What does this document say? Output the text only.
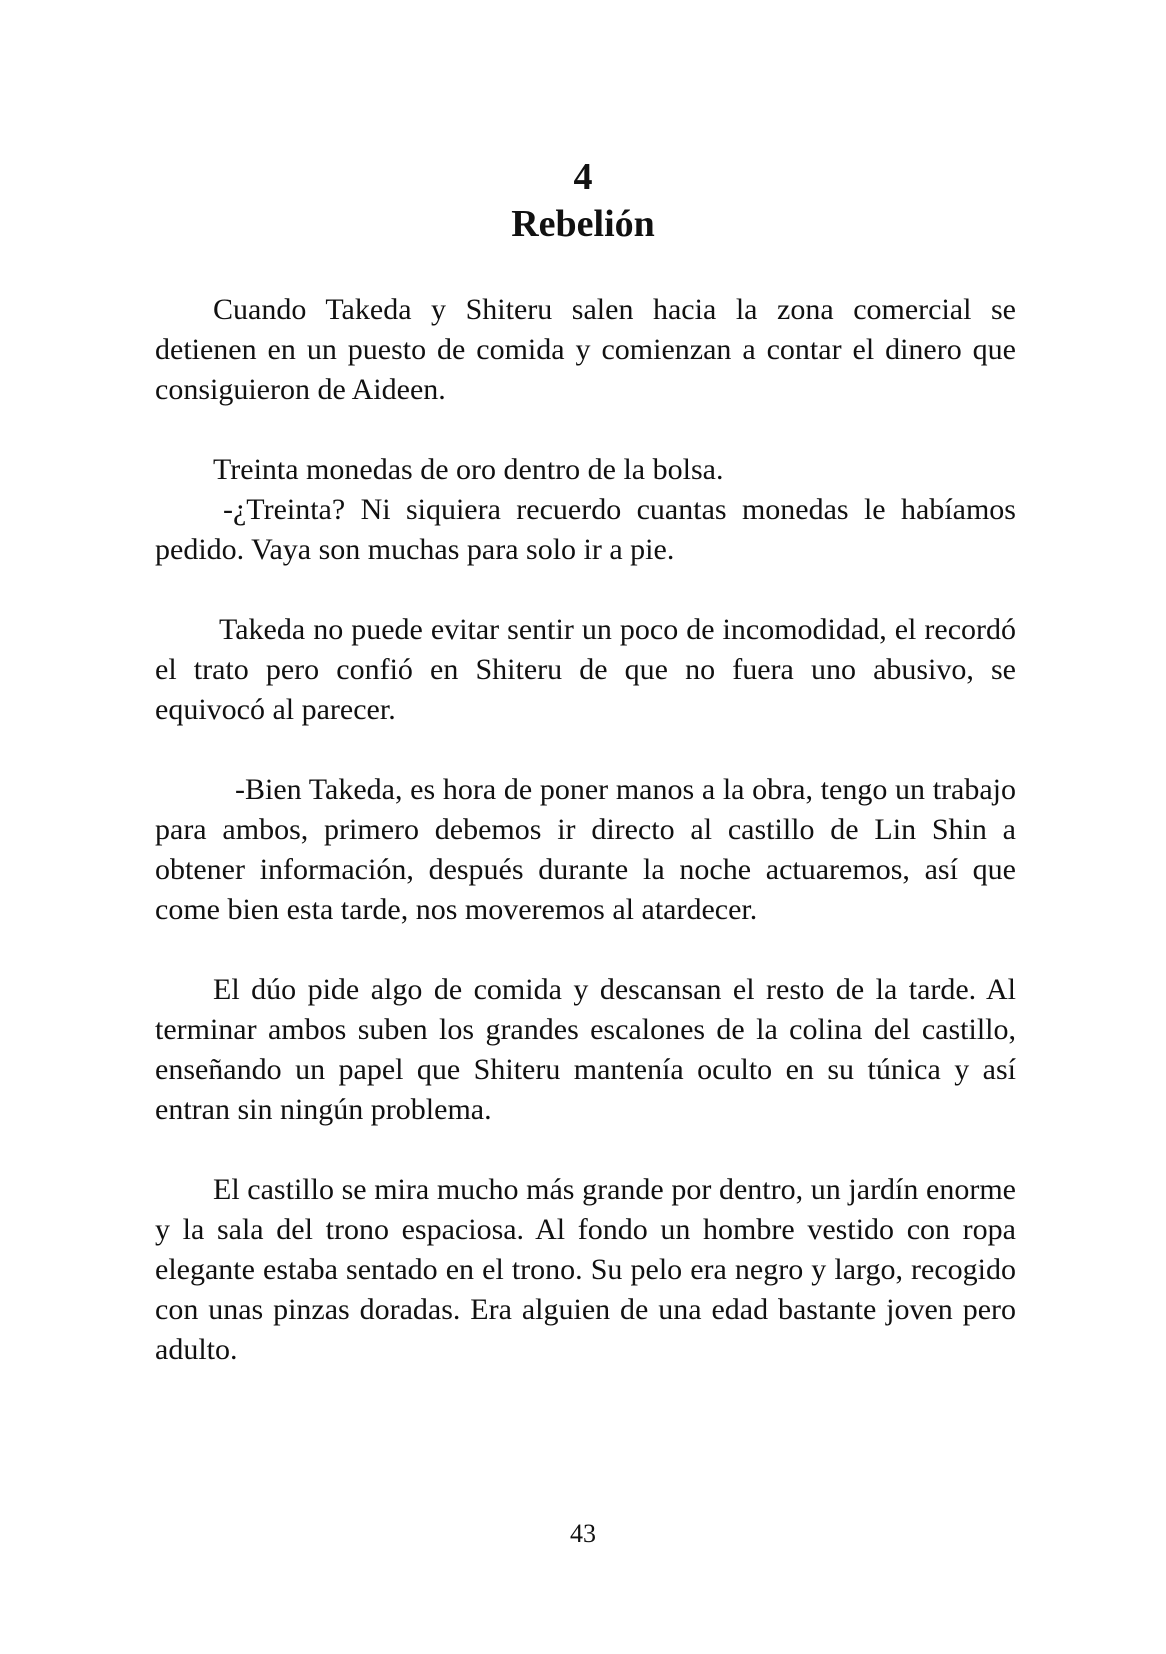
4
Rebelión

Cuando Takeda y Shiteru salen hacia la zona comercial se detienen en un puesto de comida y comienzan a contar el dinero que consiguieron de Aideen.

Treinta monedas de oro dentro de la bolsa.

-¿Treinta? Ni siquiera recuerdo cuantas monedas le habíamos pedido. Vaya son muchas para solo ir a pie.

Takeda no puede evitar sentir un poco de incomodidad, el recordó el trato pero confió en Shiteru de que no fuera uno abusivo, se equivocó al parecer.

-Bien Takeda, es hora de poner manos a la obra, tengo un trabajo para ambos, primero debemos ir directo al castillo de Lin Shin a obtener información, después durante la noche actuaremos, así que come bien esta tarde, nos moveremos al atardecer.

El dúo pide algo de comida y descansan el resto de la tarde. Al terminar ambos suben los grandes escalones de la colina del castillo, enseñando un papel que Shiteru mantenía oculto en su túnica y así entran sin ningún problema.

El castillo se mira mucho más grande por dentro, un jardín enorme y la sala del trono espaciosa. Al fondo un hombre vestido con ropa elegante estaba sentado en el trono. Su pelo era negro y largo, recogido con unas pinzas doradas. Era alguien de una edad bastante joven pero adulto.

43
